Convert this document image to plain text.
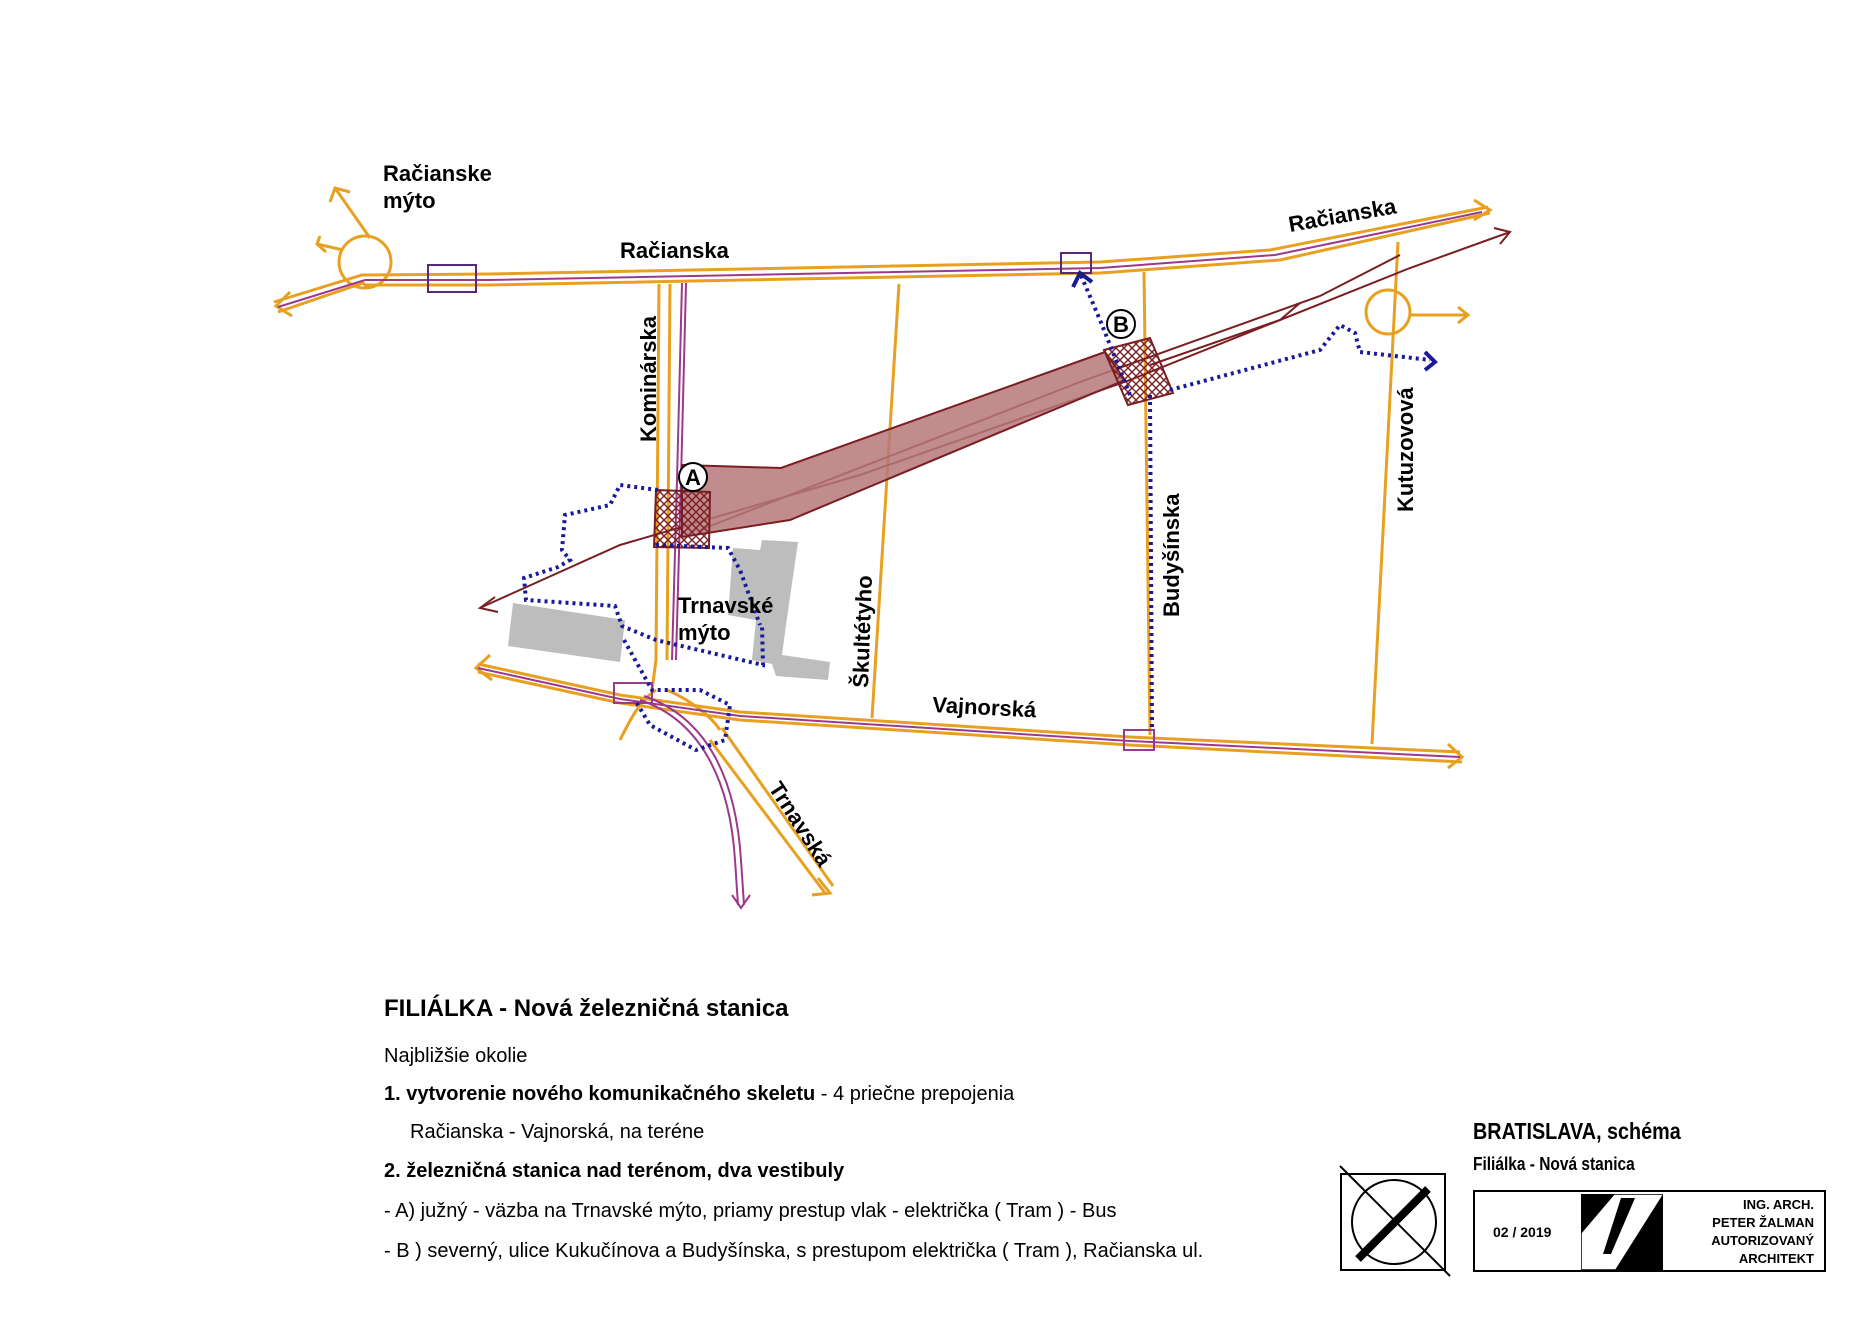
A
B
Račianske
mýto
Račianska
Račianska
Kominárska
Škultétyho
Budyšínska
Kutuzovová
Vajnorská
Trnavská
Trnavské
mýto
FILIÁLKA - Nová železničná stanica
Najbližšie okolie
1. vytvorenie nového komunikačného skeletu - 4 priečne prepojenia
Račianska - Vajnorská, na teréne
2. železničná stanica nad terénom, dva vestibuly
- A) južný - väzba na Trnavské mýto, priamy prestup vlak - električka ( Tram ) - Bus
- B ) severný, ulice Kukučínova a Budyšínska, s prestupom električka ( Tram ), Račianska ul.
BRATISLAVA, schéma
Filiálka - Nová stanica
02 / 2019
ING. ARCH.
PETER ŽALMAN
AUTORIZOVANÝ
ARCHITEKT
